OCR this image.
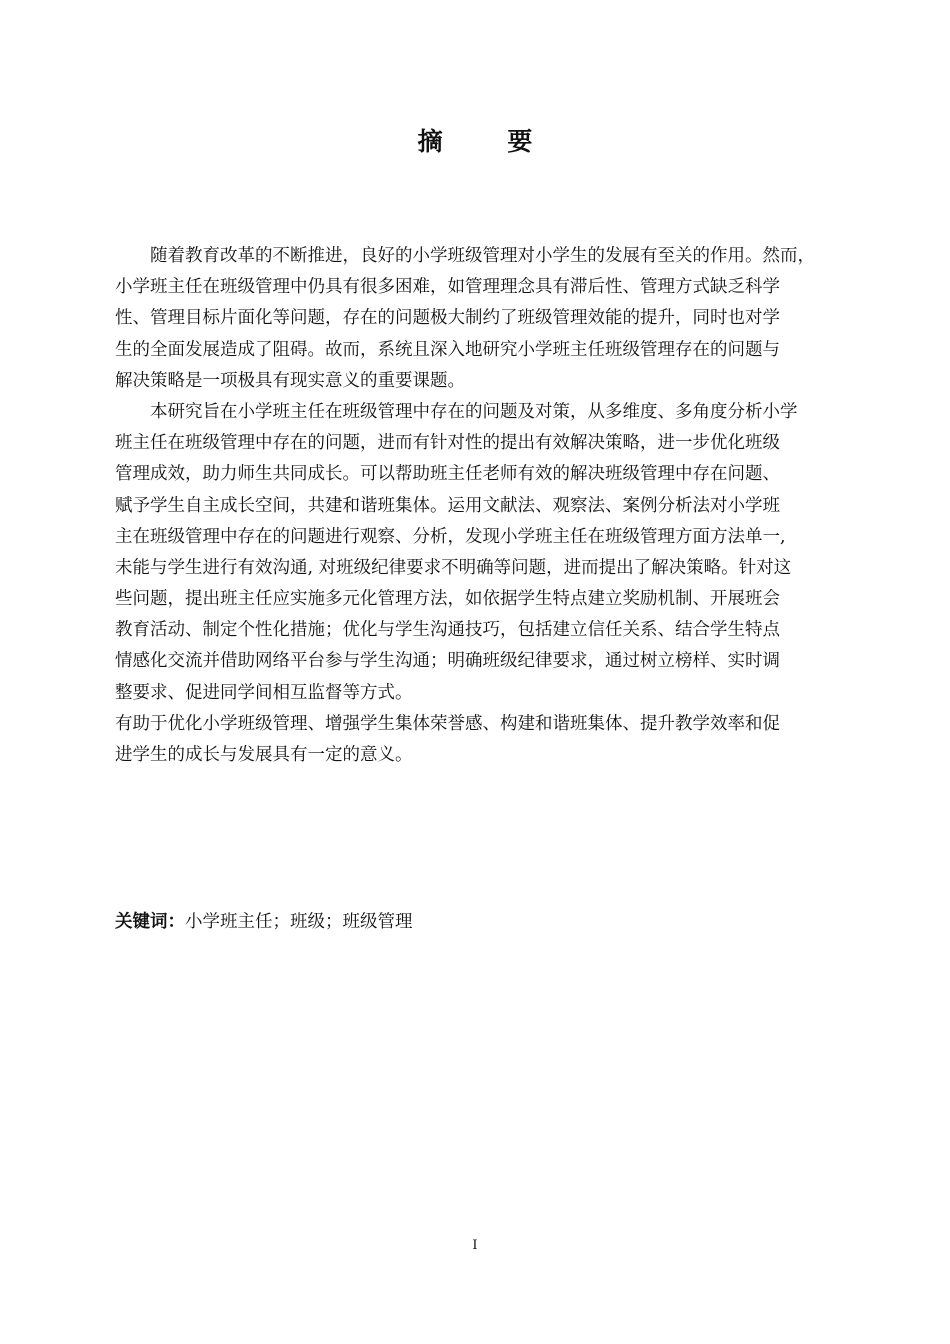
摘 要
随着教育改革的不断推进，良好的小学班级管理对小学生的发展有至关的作用。然而，
小学班主任在班级管理中仍具有很多困难，如管理理念具有滞后性、管理方式缺乏科学
性、管理目标片面化等问题，存在的问题极大制约了班级管理效能的提升，同时也对学
生的全面发展造成了阻碍。故而，系统且深入地研究小学班主任班级管理存在的问题与
解决策略是一项极具有现实意义的重要课题。
本研究旨在小学班主任在班级管理中存在的问题及对策，从多维度、多角度分析小学
班主任在班级管理中存在的问题，进而有针对性的提出有效解决策略，进一步优化班级
管理成效，助力师生共同成长。可以帮助班主任老师有效的解决班级管理中存在问题、
赋予学生自主成长空间，共建和谐班集体。运用文献法、观察法、案例分析法对小学班
主在班级管理中存在的问题进行观察、分析，发现小学班主任在班级管理方面方法单一,
未能与学生进行有效沟通, 对班级纪律要求不明确等问题，进而提出了解决策略。针对这
些问题，提出班主任应实施多元化管理方法，如依据学生特点建立奖励机制、开展班会
教育活动、制定个性化措施；优化与学生沟通技巧，包括建立信任关系、结合学生特点
情感化交流并借助网络平台参与学生沟通；明确班级纪律要求，通过树立榜样、实时调
整要求、促进同学间相互监督等方式。
有助于优化小学班级管理、增强学生集体荣誉感、构建和谐班集体、提升教学效率和促
进学生的成长与发展具有一定的意义。
关键词：小学班主任；班级；班级管理
I
